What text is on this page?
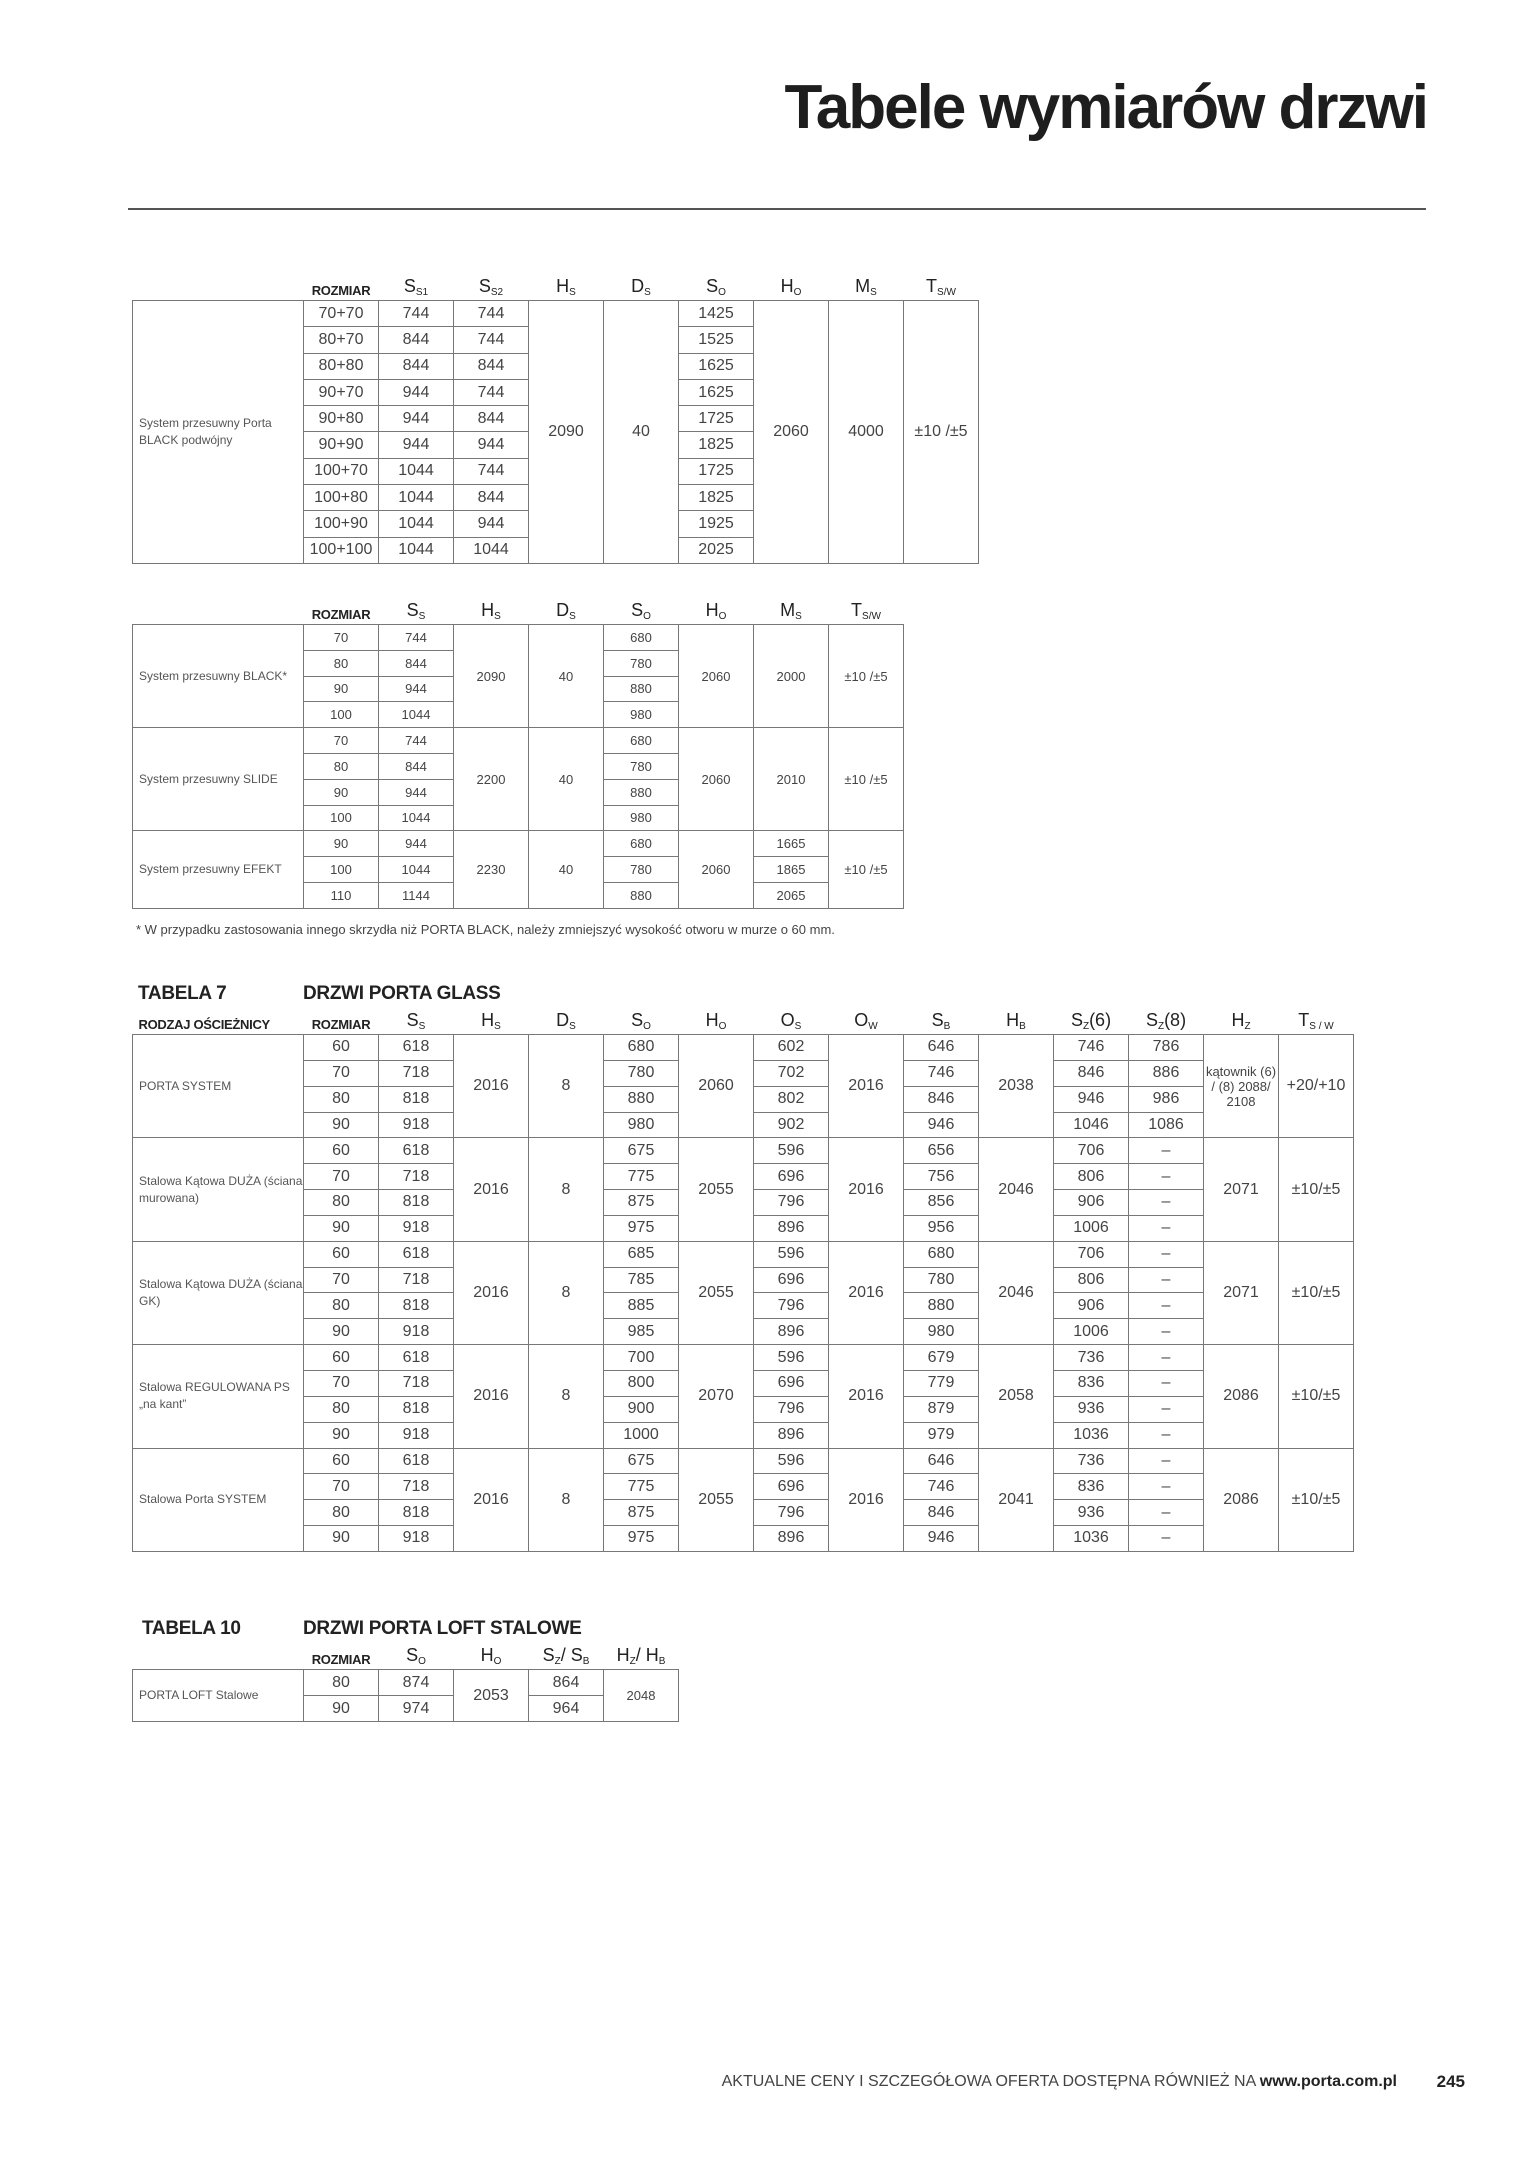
Tabele wymiarów drzwi
	ROZMIAR	$S_{S1}$	$S_{S2}$	$H_S$	$D_S$	$S_O$	$H_O$	$M_S$	$T_{S/W}$
System przesuwny Porta BLACK podwójny	70+70	744	744	2090	40	1425	2060	4000	±10 /±5
	80+70	844	744			1525			
	80+80	844	844			1625			
	90+70	944	744			1625			
	90+80	944	844			1725			
	90+90	944	944			1825			
	100+70	1044	744			1725			
	100+80	1044	844			1825			
	100+90	1044	944			1925			
	100+100	1044	1044			2025			
	ROZMIAR	$S_S$	$H_S$	$D_S$	$S_O$	$H_O$	$M_S$	$T_{S/W}$
System przesuwny BLACK*	70	744	2090	40	680	2060	2000	±10 /±5
	80	844			780			
	90	944			880			
	100	1044			980			
System przesuwny SLIDE	70	744	2200	40	680	2060	2010	±10 /±5
	80	844			780			
	90	944			880			
	100	1044			980			
System przesuwny EFEKT	90	944	2230	40	680	2060	1665	±10 /±5
	100	1044			780		1865	
	110	1144			880		2065	
* W przypadku zastosowania innego skrzydła niż PORTA BLACK, należy zmniejszyć wysokość otworu w murze o 60 mm.
TABELA 7	DRZWI PORTA GLASS
RODZAJ OŚCIEŻNICY	ROZMIAR	$S_S$	$H_S$	$D_S$	$S_O$	$H_O$	$O_S$	$O_W$	$S_B$	$H_B$	$S_Z(6)$	$S_Z(8)$	$H_Z$	$T_{S / W}$
PORTA SYSTEM	60	618	2016	8	680	2060	602	2016	646	2038	746	786	kątownik (6) / (8) 2088/ 2108	+20/+10
	70	718			780		702		746		846	886		
	80	818			880		802		846		946	986		
	90	918			980		902		946		1046	1086		
Stalowa Kątowa DUŻA (ściana murowana)	60	618	2016	8	675	2055	596	2016	656	2046	706	–	2071	±10/±5
	70	718			775		696		756		806	–		
	80	818			875		796		856		906	–		
	90	918			975		896		956		1006	–		
Stalowa Kątowa DUŻA (ściana GK)	60	618	2016	8	685	2055	596	2016	680	2046	706	–	2071	±10/±5
	70	718			785		696		780		806	–		
	80	818			885		796		880		906	–		
	90	918			985		896		980		1006	–		
Stalowa REGULOWANA PS „na kant”	60	618	2016	8	700	2070	596	2016	679	2058	736	–	2086	±10/±5
	70	718			800		696		779		836	–		
	80	818			900		796		879		936	–		
	90	918			1000		896		979		1036	–		
Stalowa Porta SYSTEM	60	618	2016	8	675	2055	596	2016	646	2041	736	–	2086	±10/±5
	70	718			775		696		746		836	–		
	80	818			875		796		846		936	–		
	90	918			975		896		946		1036	–		
TABELA 10	DRZWI PORTA LOFT STALOWE
	ROZMIAR	$S_O$	$H_O$	$S_Z/$ $S_B$	$H_Z/$ $H_B$
PORTA LOFT Stalowe	80	874	2053	864	2048
	90	974		964	
AKTUALNE CENY I SZCZEGÓŁOWA OFERTA DOSTĘPNA RÓWNIEŻ NA www.porta.com.pl 245
